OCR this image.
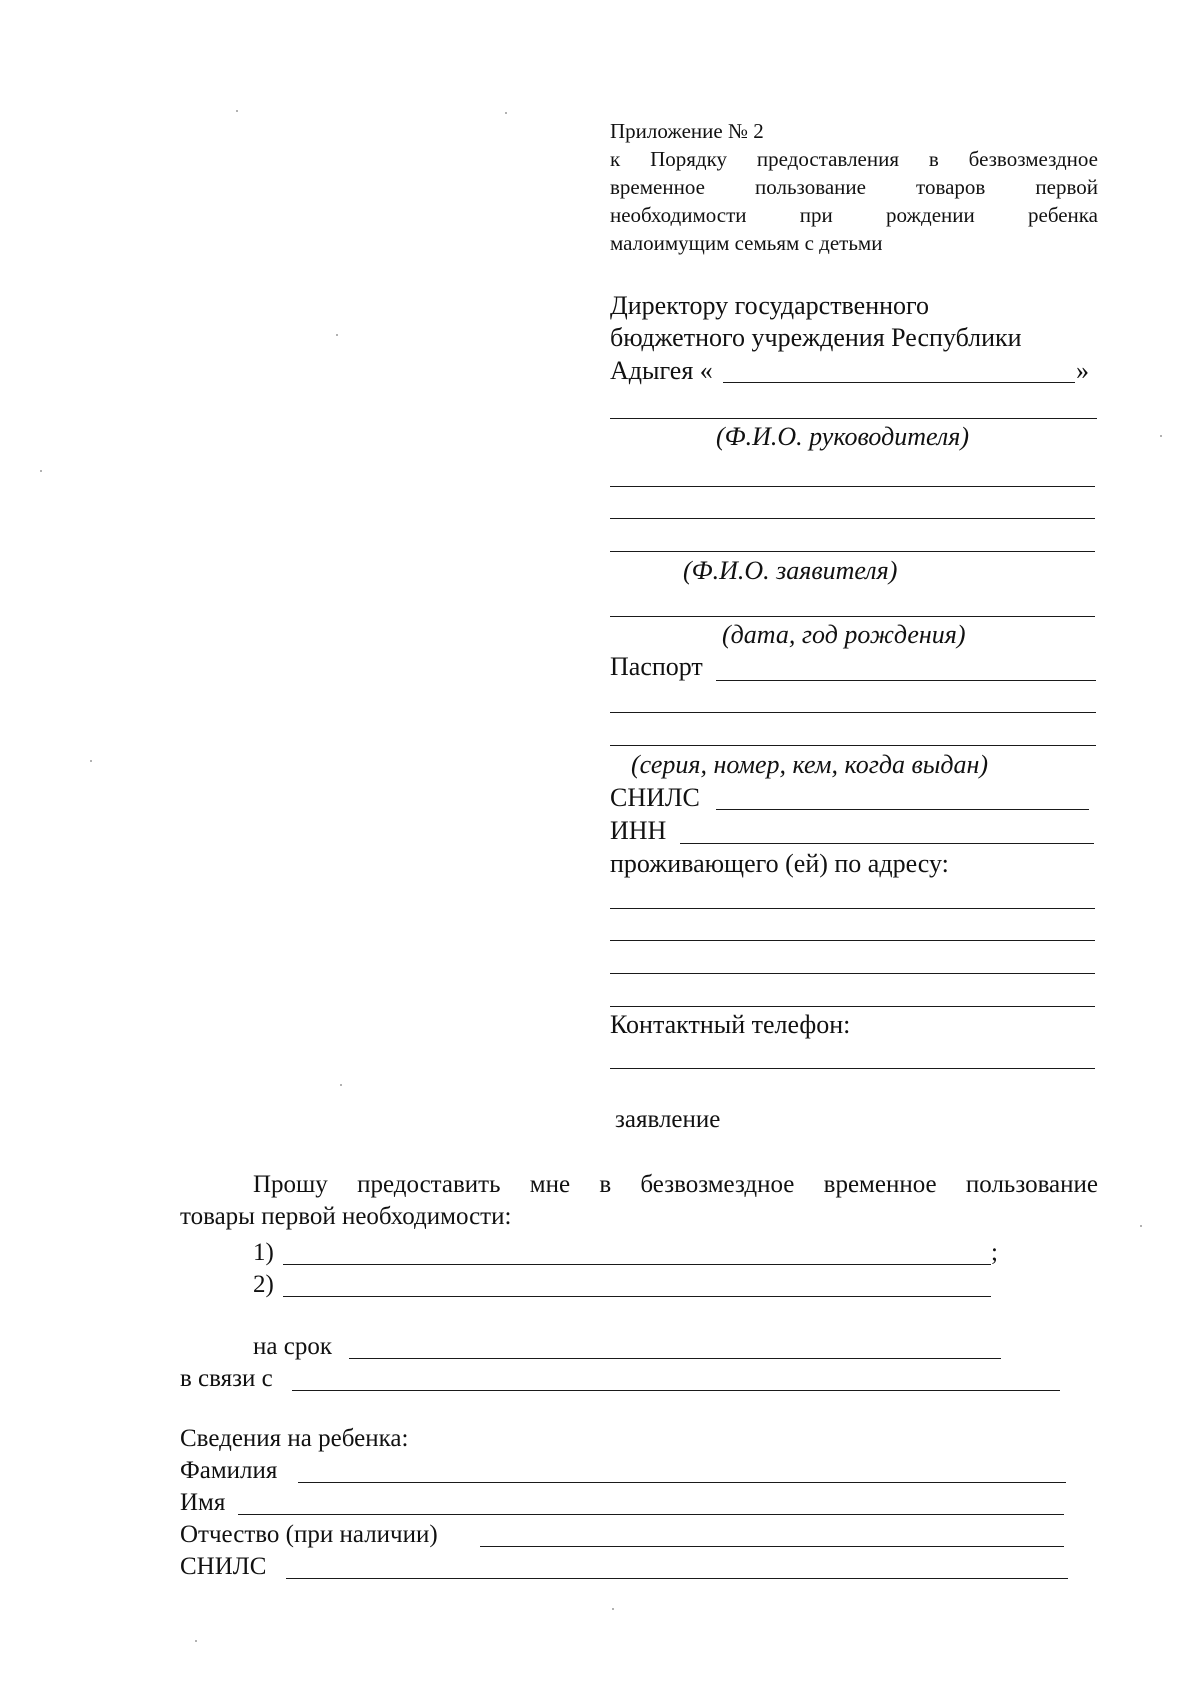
Приложение № 2
к Порядку предоставления в безвозмездное
временное пользование товаров первой
необходимости при рождении ребенка
малоимущим семьям с детьми
Директору государственного
бюджетного учреждения Республики
Адыгея «	»
(Ф.И.О. руководителя)
(Ф.И.О. заявителя)
(дата, год рождения)
Паспорт
(серия, номер, кем, когда выдан)
СНИЛС
ИНН
проживающего (ей) по адресу:
Контактный телефон:
заявление
Прошу предоставить мне в безвозмездное временное пользование
товары первой необходимости:
1)	;
2)
на срок
в связи с
Сведения на ребенка:
Фамилия
Имя
Отчество (при наличии)
СНИЛС
